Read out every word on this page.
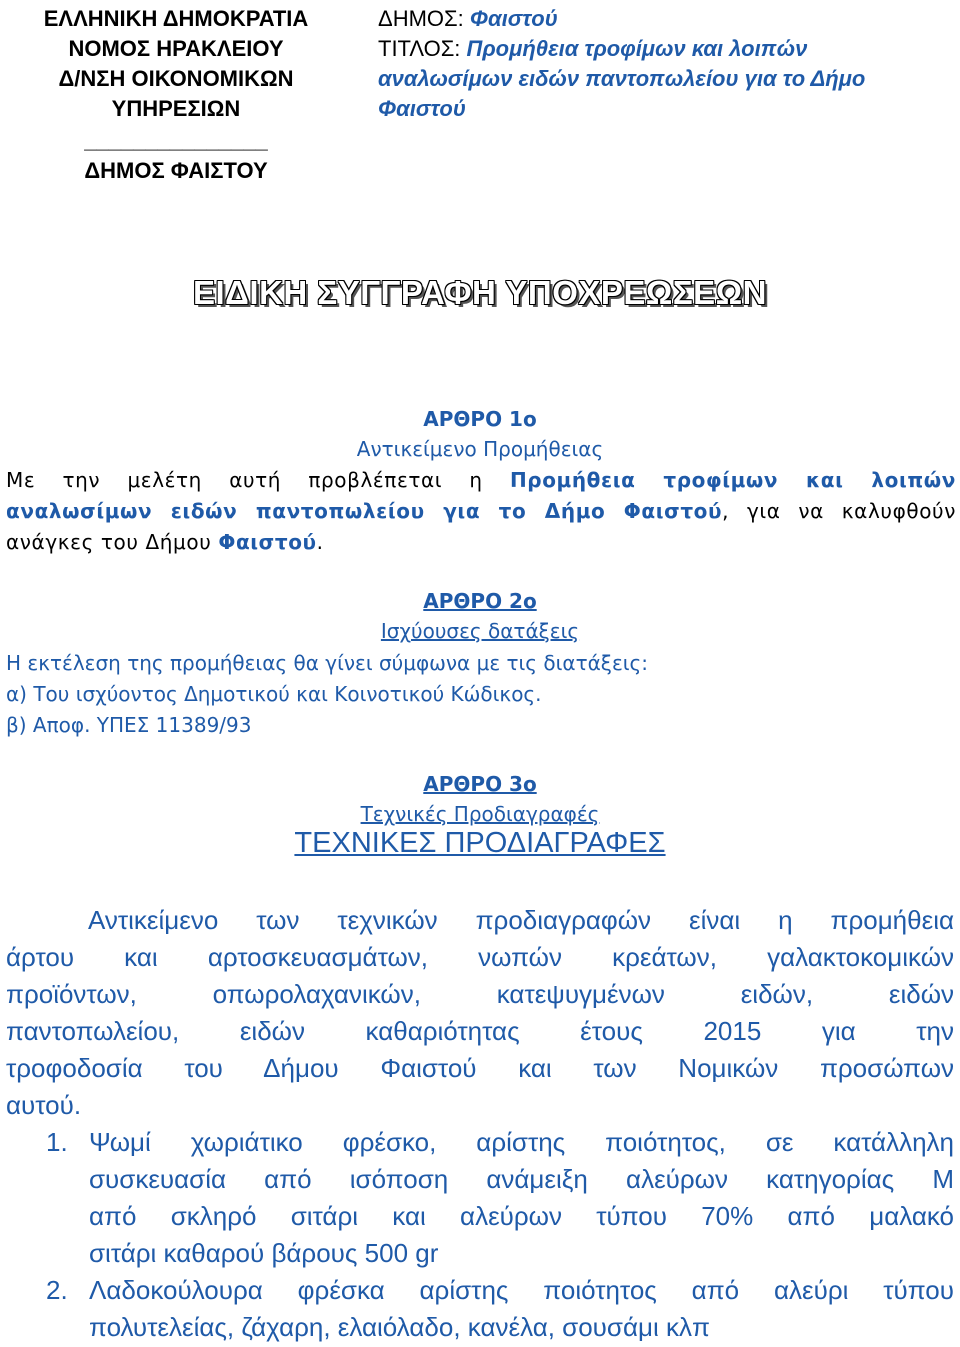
ΕΛΛΗΝΙΚΗ ΔΗΜΟΚΡΑΤΙΑ
ΝΟΜΟΣ ΗΡΑΚΛΕΙΟΥ
Δ/ΝΣΗ ΟΙΚΟΝΟΜΙΚΩΝ
ΥΠΗΡΕΣΙΩΝ
_______________
ΔΗΜΟΣ ΦΑΙΣΤΟΥ
ΔΗΜΟΣ: Φαιστού
ΤΙΤΛΟΣ: Προμήθεια τροφίμων και λοιπών
αναλωσίμων ειδών παντοπωλείου για το Δήμο
Φαιστού
ΕΙΔΙΚΗ ΣΥΓΓΡΑΦΗ ΥΠΟΧΡΕΩΣΕΩΝ
ΑΡΘΡΟ 1ο
Αντικείμενο Προμήθειας
Με την μελέτη αυτή προβλέπεται η Προμήθεια τροφίμων και λοιπών
αναλωσίμων ειδών παντοπωλείου για το Δήμο Φαιστού, για να καλυφθούν
ανάγκες του Δήμου Φαιστού.
ΑΡΘΡΟ 2ο
Ισχύουσες δατάξεις
Η εκτέλεση της προμήθειας θα γίνει σύμφωνα με τις διατάξεις:
α) Του ισχύοντος Δημοτικού και Κοινοτικού Κώδικος.
β) Αποφ. ΥΠΕΣ 11389/93
ΑΡΘΡΟ 3ο
Τεχνικές Προδιαγραφές
ΤΕΧΝΙΚΕΣ ΠΡΟΔΙΑΓΡΑΦΕΣ
Αντικείμενο των τεχνικών προδιαγραφών είναι η προμήθεια
άρτου και αρτοσκευασμάτων, νωπών κρεάτων, γαλακτοκομικών
προϊόντων, οπωρολαχανικών, κατεψυγμένων ειδών, ειδών
παντοπωλείου, ειδών καθαριότητας έτους 2015 για την
τροφοδοσία του Δήμου Φαιστού και των Νομικών προσώπων
αυτού.
1. Ψωμί χωριάτικο φρέσκο, αρίστης ποιότητος, σε κατάλληλη
συσκευασία από ισόποση ανάμειξη αλεύρων κατηγορίας Μ
από σκληρό σιτάρι και αλεύρων τύπου 70% από μαλακό
σιτάρι καθαρού βάρους 500 gr
2. Λαδοκούλουρα φρέσκα αρίστης ποιότητος από αλεύρι τύπου
πολυτελείας, ζάχαρη, ελαιόλαδο, κανέλα, σουσάμι κλπ
